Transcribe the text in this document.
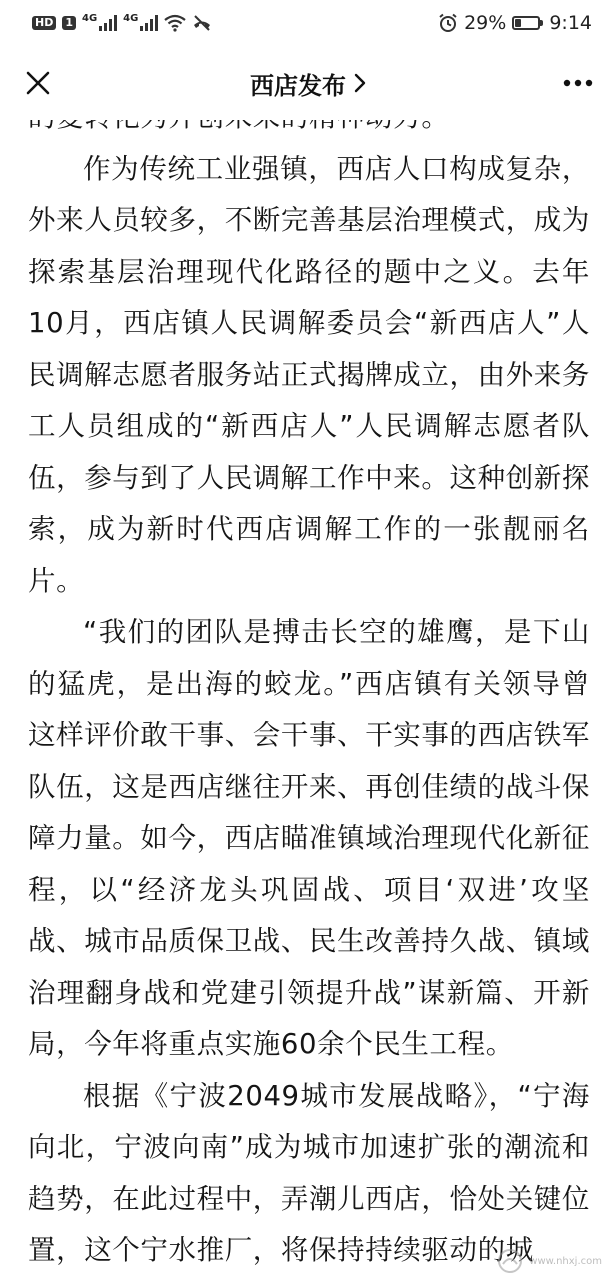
HD 1 4G	4G	29% 9:14
西店发布

作为传统工业强镇，西店人口构成复杂，外来人员较多，不断完善基层治理模式，成为探索基层治理现代化路径的题中之义。去年10月，西店镇人民调解委员会“新西店人”人民调解志愿者服务站正式揭牌成立，由外来务工人员组成的“新西店人”人民调解志愿者队伍，参与到了人民调解工作中来。这种创新探索，成为新时代西店调解工作的一张靓丽名片。

“我们的团队是搏击长空的雄鹰，是下山的猛虎，是出海的蛟龙。”西店镇有关领导曾这样评价敢干事、会干事、干实事的西店铁军队伍，这是西店继往开来、再创佳绩的战斗保障力量。如今，西店瞄准镇域治理现代化新征程，以“经济龙头巩固战、项目‘双进’攻坚战、城市品质保卫战、民生改善持久战、镇域治理翻身战和党建引领提升战”谋新篇、开新局，今年将重点实施60余个民生工程。

根据《宁波2049城市发展战略》，“宁海向北，宁波向南”成为城市加速扩张的潮流和趋势，在此过程中，弄潮儿西店，恰处关键位置，这个宁水推厂，将保持持续驱动的城

www.nhxj.com
